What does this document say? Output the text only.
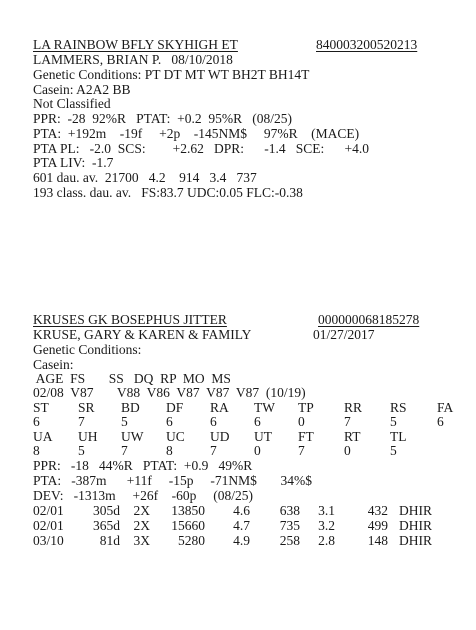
LA RAINBOW BFLY SKYHIGH ET	840003200520213
LAMMERS, BRIAN P.   08/10/2018
Genetic Conditions: PT DT MT WT BH2T BH14T
Casein: A2A2 BB
Not Classified
PPR:  -28  92%R   PTAT:  +0.2  95%R   (08/25)
PTA:  +192m    -19f     +2p    -145NM$     97%R    (MACE)
PTA PL:   -2.0  SCS:        +2.62   DPR:      -1.4   SCE:      +4.0
PTA LIV:  -1.7
601 dau. av.  21700   4.2    914   3.4   737
193 class. dau. av.   FS:83.7 UDC:0.05 FLC:-0.38
KRUSES GK BOSEPHUS JITTER	000000068185278
KRUSE, GARY & KAREN & FAMILY	01/27/2017
Genetic Conditions:
Casein:
AGE  FS       SS   DQ  RP  MO  MS
02/08  V87       V88  V86  V87  V87  V87  (10/19)
ST SR BD DF RA TW TP RR RS FA
6	7	5	6	6	6	0	7	5	6
UA UH UW UC UD UT FT RT TL
8	5	7	8	7	0	7	0	5
PPR:   -18   44%R   PTAT:  +0.9   49%R
PTA:   -387m      +11f     -15p     -71NM$       34%$
DEV:   -1313m     +26f    -60p     (08/25)
02/01 305d 2X 13850 4.6 638 3.1 432 DHIR
02/01 365d 2X 15660 4.7 735 3.2 499 DHIR
03/10	81d 3X 5280 4.9 258 2.8 148 DHIR
